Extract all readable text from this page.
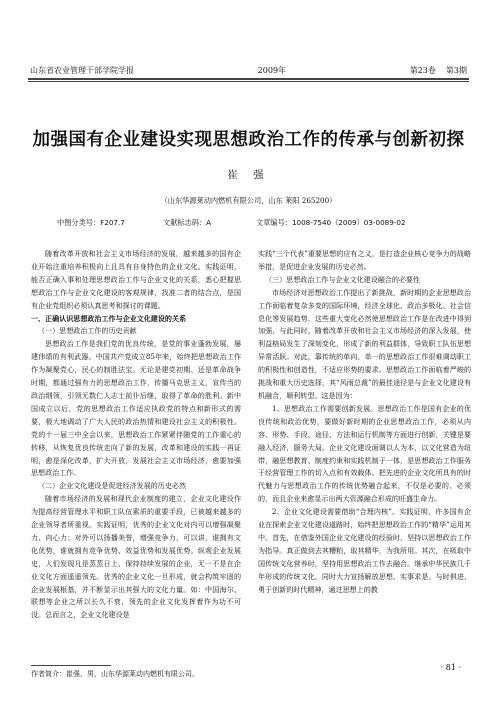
山东省农业管理干部学院学报	2009年	第23卷 第3期
加强国有企业建设实现思想政治工作的传承与创新初探
崔 强
（山东华源莱动内燃机有限公司，山东 莱阳 265200）
中图分类号：F207.7	文献标志码：A	文章编号：1008-7540（2009）03-0089-02

随着改革开放和社会主义市场经济的发展，越来越多的国有企业开始注重培养积极向上且具有自身特色的企业文化。实践证明，能否正确入事和处理思想政治工作与企业文化的关系，悉心把握思想政治工作与企业文化建设的客观规律，找准二者的结合点，是国有企业党组织必须认真思考和探讨的课题。

一、正确认识思想政治工作与企业文化建设的关系

（一）思想政治工作的历史贡献

思想政治工作是我们党的优良传统，是党的事业蓬勃发展，屡建伟绩的有利武器。中国共产党成立85年来，始终把思想政治工作作为凝聚党心，民心的制胜法宝。无论是建党初期、还是革命战争时期，都通过强有力的思想政治工作，传播马克思主义，宣传当的政治纲领，引领无数仁人志士前仆后继，取得了革命的胜利。新中国成立以后，党的思想政治工作适应执政党的特点和新形式的需要，极大地调动了广大人民的政治热情和建设社会主义的积极性。党的十一届三中全会以来，思想政治工作紧紧伴随党的工作重心的转移，从恢复优良传统走向了新的发展，改革和建设的实践一再证明，愈是深化改革，扩大开放，发展社会主义市场经济，愈要加强思想政治工作。

（二）企业文化建设是促进经济发展的历史必然

随着市场经济的发展和现代企业制度的建立，企业文化建设作为提高经营管理水平和职工队伍素质的重要手段，已被越来越多的企业领导者所重视。实践证明，优秀的企业文化对内可以增强凝聚力、向心力；对外可以扬播美誉，增强竞争力，可以讲，谁拥有文化优势，谁就拥有竞争优势、效益优势和发展优势。纵观企业发展史，人们发现凡是蒸蒸日上、保持持续发展的企业，无一不是在企业文化方面遥遥领先。优秀的企业文化一旦形成，就会构筑牢固的企业发展根基，并不断显示出其强大的文化力量。如：中国海尔、联想等企业之所以长久不衰，领先的企业文化发挥着作为功不可没。总而言之，企业文化建设是

实践“三个代表”重要思想的应有之义，是打造企业核心竞争力的战略举措，是促进企业发展的历史必然。

（三）思想政治工作与企业文化建设融合的必要性

市场经济对思想政治工作提出了新挑战，新时期的企业思想政治工作面临着复杂多变的国际环境，经济全球化、政治多极化、社会信息化等发展趋势，这些重大变化必然使思想政治工作是在改进中得到加强，与此同时，随着改革开放和社会主义市场经济的深入发展，使利益格局发生了深刻变化，形成了新的利益群体，导致职工队伍思想异常活跃。对此，靠传统的单向、单一的思想政治工作很难调动职工的积极性和创造性，不适应形势的要求。思想政治工作面临着严峻的挑战和重大历史选择，其“风雨总裁”的最佳途径是与企业文化建设有机融合，顺利转型。这是因为：

1、思想政治工作需要创新发展。思想政治工作是国有企业的优良传统和政治优势，要做好新时期的企业思想政治工作，必须从内容、形势、手段、途径、方法和运行机制等方面进行创新，关键是要融入经济，服务大局。企业文化建设面调以人为本，以文化营造为纽带，融思想教育、制度约束和实践机制于一体，是思想政治工作服务于经营管理工作的切入点和有效载体。把先进的企业文化所具有的时代魅力与思想政治工作的传统优势融合起来，不仅是必要的、必须的，而且企业来愈显示出两大资源融合形成的旺盛生命力。

2、企业文化建设需要借助“合理内核”。实践证明，许多国有企业在探索企业文化建设道路时，始终把思想政治工作的“精华”运用其中。首先，在借鉴外国企业文化建设的经验时，坚持以思想政治工作为指导。真正做到去其糟粕，取其精华，为我所用。其次，在吸取中国传统文化营养时，坚持用思想政治工作去融合。继承中华民族几千年形成的传统文化，同时大力宣扬解放思想、实事求是、与时俱进、勇于创新的时代精神，通过思想上的教

作者简介：崔强，男，山东华源莱动内燃机有限公司。
· 81 ·
